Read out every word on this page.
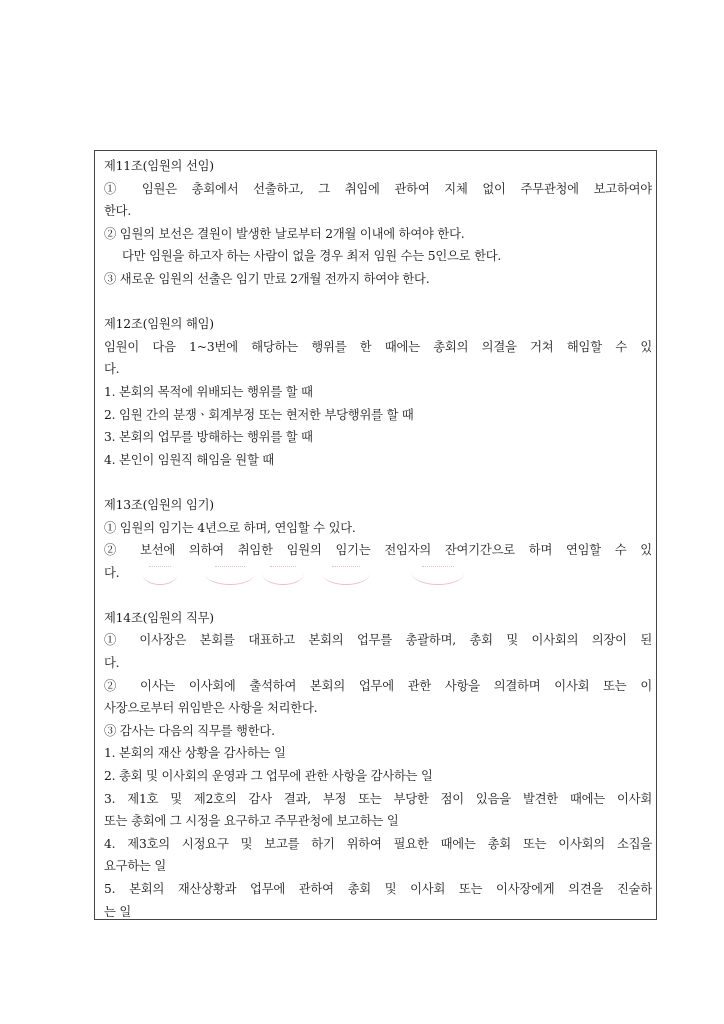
제11조(임원의 선임)
① 임원은 총회에서 선출하고, 그 취임에 관하여 지체 없이 주무관청에 보고하여야
한다.
② 임원의 보선은 결원이 발생한 날로부터 2개월 이내에 하여야 한다.
다만 임원을 하고자 하는 사람이 없을 경우 최저 임원 수는 5인으로 한다.
③ 새로운 임원의 선출은 임기 만료 2개월 전까지 하여야 한다.
제12조(임원의 해임)
임원이 다음 1~3번에 해당하는 행위를 한 때에는 총회의 의결을 거쳐 해임할 수 있
다.
1. 본회의 목적에 위배되는 행위를 할 때
2. 임원 간의 분쟁ㆍ회계부정 또는 현저한 부당행위를 할 때
3. 본회의 업무를 방해하는 행위를 할 때
4. 본인이 임원직 해임을 원할 때
제13조(임원의 임기)
① 임원의 임기는 4년으로 하며, 연임할 수 있다.
② 보선에 의하여 취임한 임원의 임기는 전임자의 잔여기간으로 하며 연임할 수 있
다.
제14조(임원의 직무)
① 이사장은 본회를 대표하고 본회의 업무를 총괄하며, 총회 및 이사회의 의장이 된
다.
② 이사는 이사회에 출석하여 본회의 업무에 관한 사항을 의결하며 이사회 또는 이
사장으로부터 위임받은 사항을 처리한다.
③ 감사는 다음의 직무를 행한다.
1. 본회의 재산 상황을 감사하는 일
2. 총회 및 이사회의 운영과 그 업무에 관한 사항을 감사하는 일
3. 제1호 및 제2호의 감사 결과, 부정 또는 부당한 점이 있음을 발견한 때에는 이사회
또는 총회에 그 시정을 요구하고 주무관청에 보고하는 일
4. 제3호의 시정요구 및 보고를 하기 위하여 필요한 때에는 총회 또는 이사회의 소집을
요구하는 일
5. 본회의 재산상황과 업무에 관하여 총회 및 이사회 또는 이사장에게 의견을 진술하
는 일
